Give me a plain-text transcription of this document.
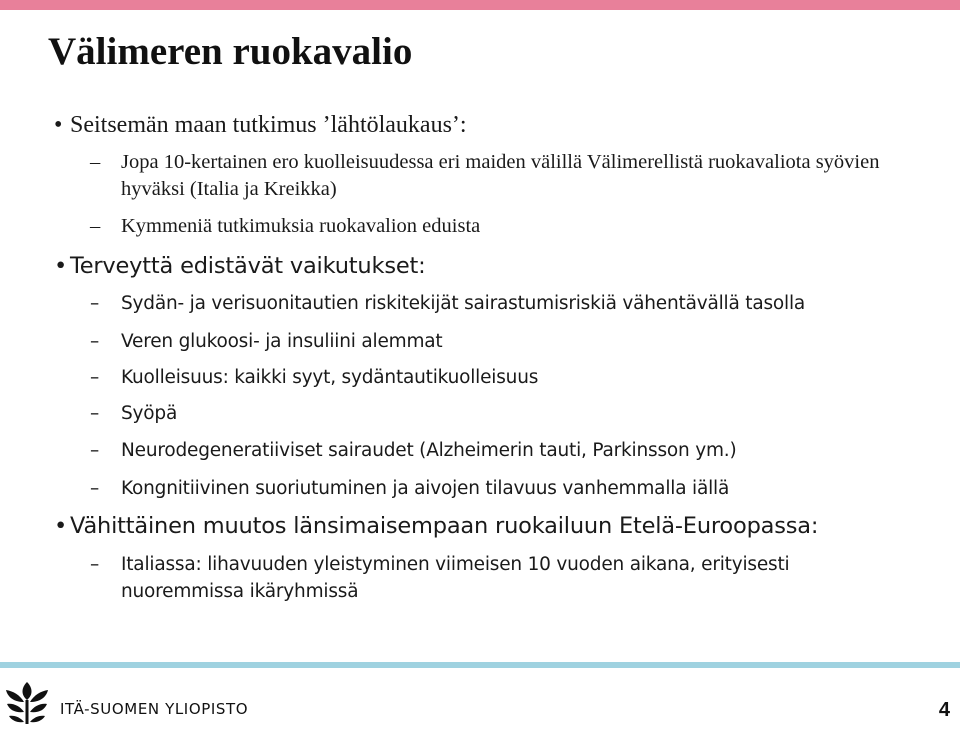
Välimeren ruokavalio
• Seitsemän maan tutkimus ’lähtölaukaus’:
– Jopa 10-kertainen ero kuolleisuudessa eri maiden välillä Välimerellistä ruokavaliota syövien hyväksi (Italia ja Kreikka)
– Kymmeniä tutkimuksia ruokavalion eduista
• Terveyttä edistävät vaikutukset:
– Sydän- ja verisuonitautien riskitekijät sairastumisriskiä vähentävällä tasolla
– Veren glukoosi- ja insuliini alemmat
– Kuolleisuus: kaikki syyt, sydäntautikuolleisuus
– Syöpä
– Neurodegeneratiiviset sairaudet (Alzheimerin tauti, Parkinsson ym.)
– Kongnitiivinen suoriutuminen ja aivojen tilavuus vanhemmalla iällä
• Vähittäinen muutos länsimaisempaan ruokailuun Etelä-Euroopassa:
– Italiassa: lihavuuden yleistyminen viimeisen 10 vuoden aikana, erityisesti nuoremmissa ikäryhmissä
ITÄ-SUOMEN YLIOPISTO	4
